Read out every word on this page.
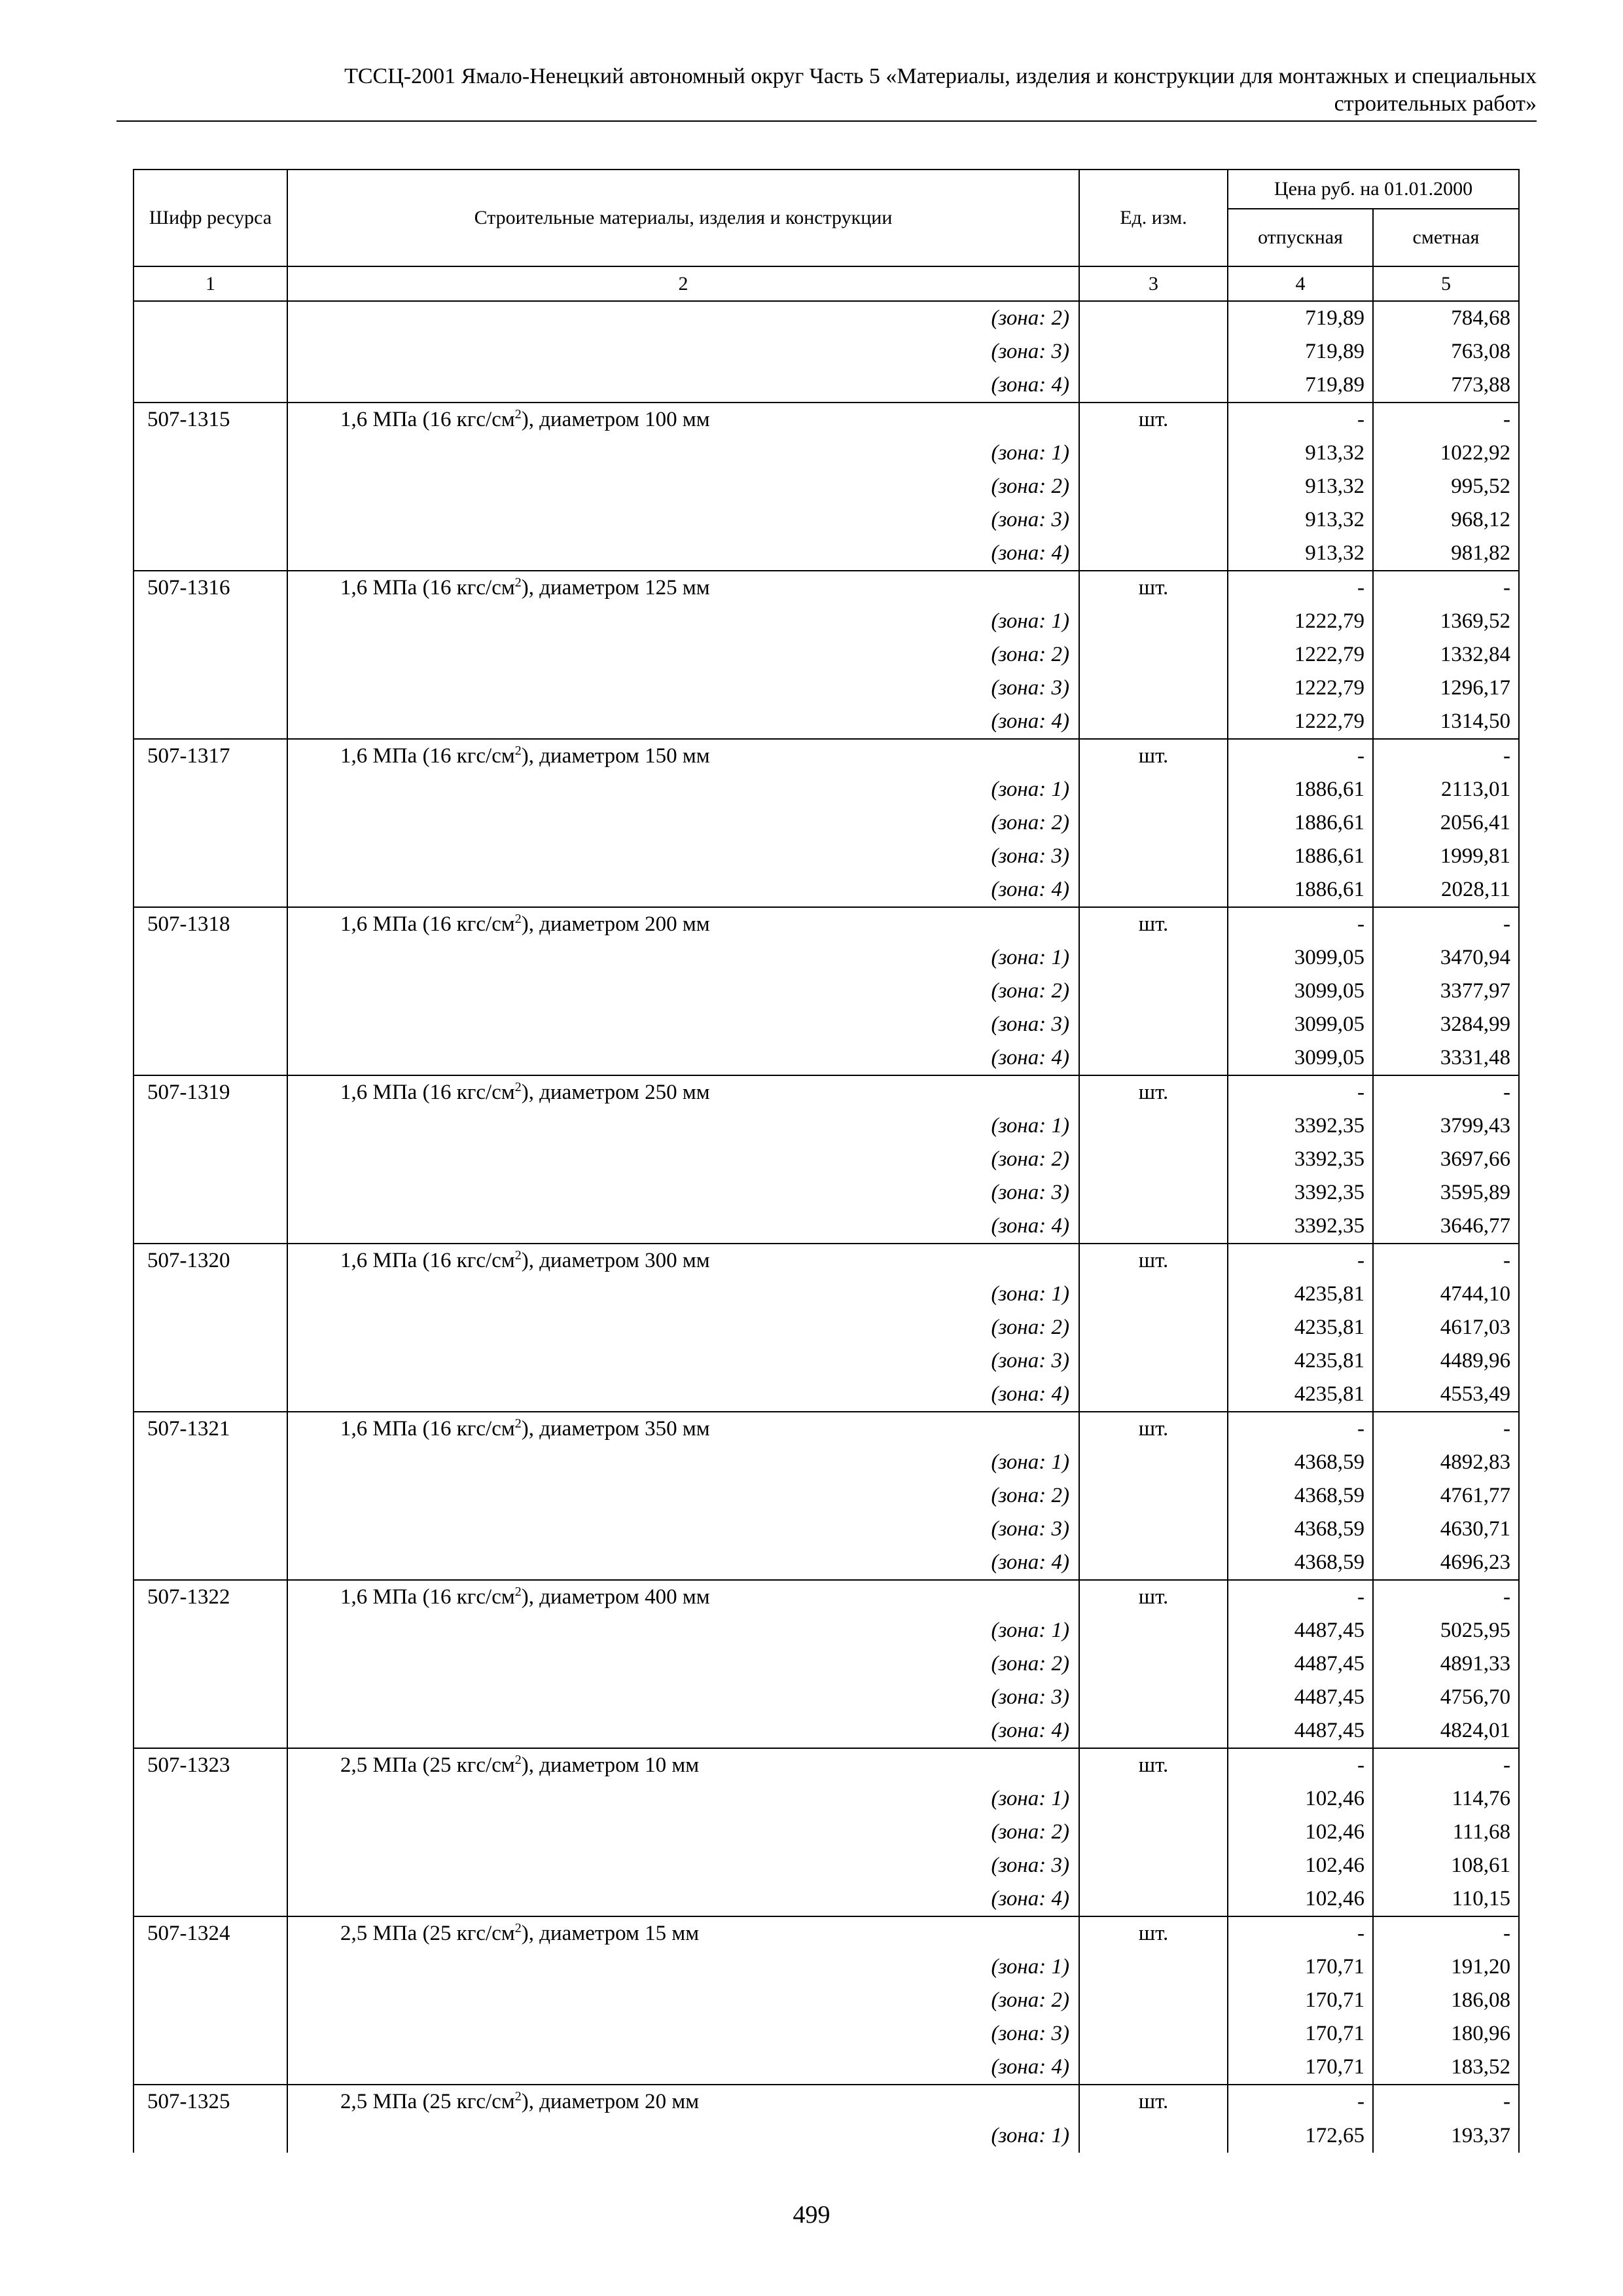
ТССЦ-2001 Ямало-Ненецкий автономный округ Часть 5 «Материалы, изделия и конструкции для монтажных и специальных
строительных работ»
Шифр ресурса	Строительные материалы, изделия и конструкции	Ед. изм.	Цена руб. на 01.01.2000	
			отпускная	сметная
1	2	3	4	5
	(зона: 2)		719,89	784,68
	(зона: 3)		719,89	763,08
	(зона: 4)		719,89	773,88
507-1315	1,6 МПа (16 кгс/$см^2$), диаметром 100 мм	шт.	-	-
	(зона: 1)		913,32	1022,92
	(зона: 2)		913,32	995,52
	(зона: 3)		913,32	968,12
	(зона: 4)		913,32	981,82
507-1316	1,6 МПа (16 кгс/$см^2$), диаметром 125 мм	шт.	-	-
	(зона: 1)		1222,79	1369,52
	(зона: 2)		1222,79	1332,84
	(зона: 3)		1222,79	1296,17
	(зона: 4)		1222,79	1314,50
507-1317	1,6 МПа (16 кгс/$см^2$), диаметром 150 мм	шт.	-	-
	(зона: 1)		1886,61	2113,01
	(зона: 2)		1886,61	2056,41
	(зона: 3)		1886,61	1999,81
	(зона: 4)		1886,61	2028,11
507-1318	1,6 МПа (16 кгс/$см^2$), диаметром 200 мм	шт.	-	-
	(зона: 1)		3099,05	3470,94
	(зона: 2)		3099,05	3377,97
	(зона: 3)		3099,05	3284,99
	(зона: 4)		3099,05	3331,48
507-1319	1,6 МПа (16 кгс/$см^2$), диаметром 250 мм	шт.	-	-
	(зона: 1)		3392,35	3799,43
	(зона: 2)		3392,35	3697,66
	(зона: 3)		3392,35	3595,89
	(зона: 4)		3392,35	3646,77
507-1320	1,6 МПа (16 кгс/$см^2$), диаметром 300 мм	шт.	-	-
	(зона: 1)		4235,81	4744,10
	(зона: 2)		4235,81	4617,03
	(зона: 3)		4235,81	4489,96
	(зона: 4)		4235,81	4553,49
507-1321	1,6 МПа (16 кгс/$см^2$), диаметром 350 мм	шт.	-	-
	(зона: 1)		4368,59	4892,83
	(зона: 2)		4368,59	4761,77
	(зона: 3)		4368,59	4630,71
	(зона: 4)		4368,59	4696,23
507-1322	1,6 МПа (16 кгс/$см^2$), диаметром 400 мм	шт.	-	-
	(зона: 1)		4487,45	5025,95
	(зона: 2)		4487,45	4891,33
	(зона: 3)		4487,45	4756,70
	(зона: 4)		4487,45	4824,01
507-1323	2,5 МПа (25 кгс/$см^2$), диаметром 10 мм	шт.	-	-
	(зона: 1)		102,46	114,76
	(зона: 2)		102,46	111,68
	(зона: 3)		102,46	108,61
	(зона: 4)		102,46	110,15
507-1324	2,5 МПа (25 кгс/$см^2$), диаметром 15 мм	шт.	-	-
	(зона: 1)		170,71	191,20
	(зона: 2)		170,71	186,08
	(зона: 3)		170,71	180,96
	(зона: 4)		170,71	183,52
507-1325	2,5 МПа (25 кгс/$см^2$), диаметром 20 мм	шт.	-	-
	(зона: 1)		172,65	193,37
499
